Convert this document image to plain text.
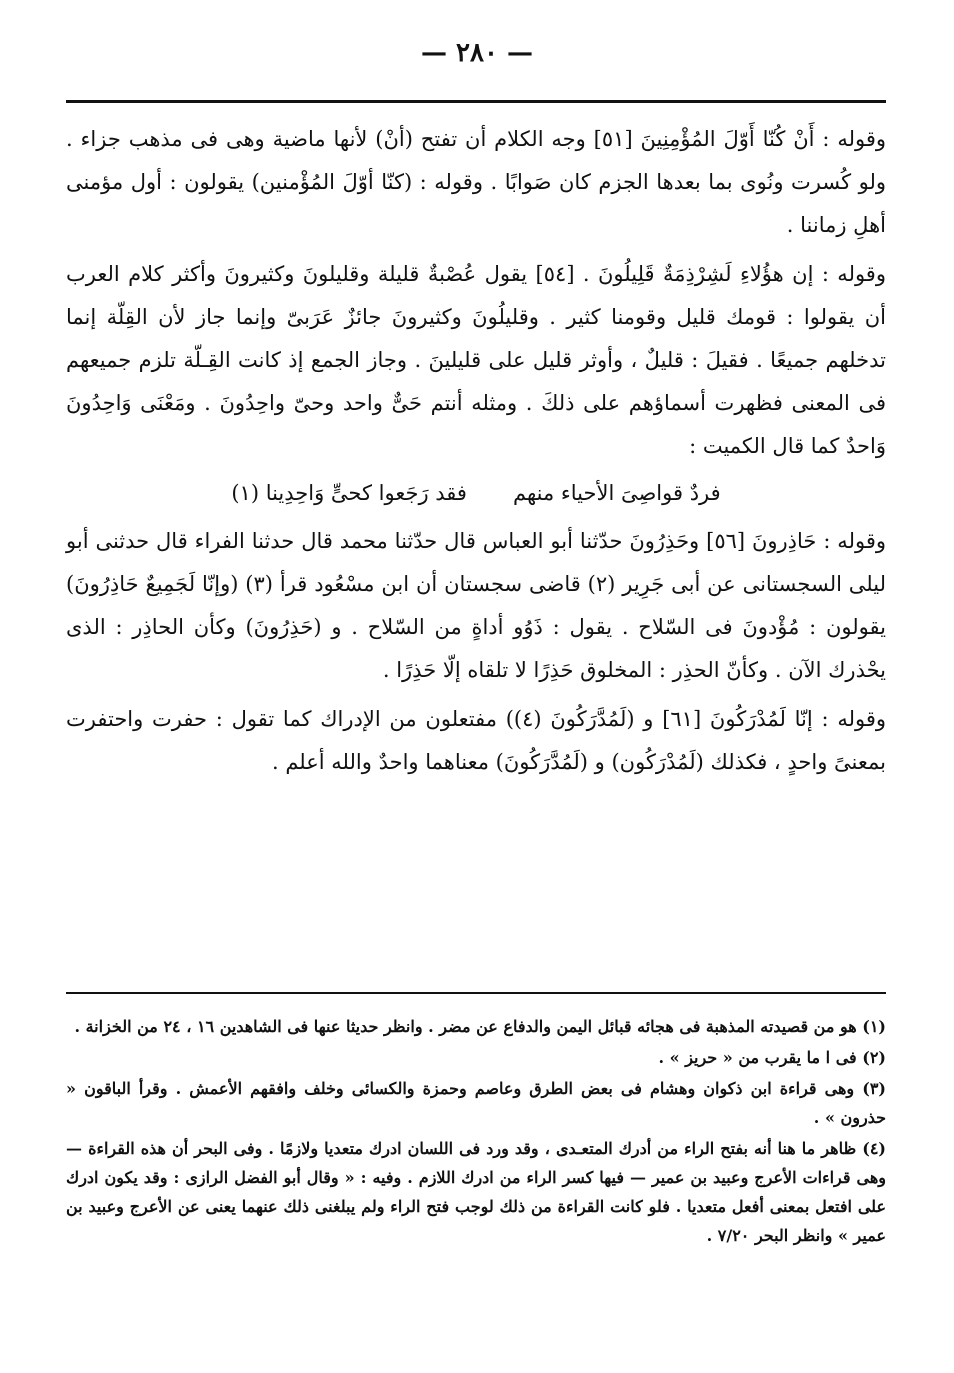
— ٢٨٠ —

وقوله : أَنْ كُنّا أَوّلَ المُؤْمِنِينَ [٥١] وجه الكلام أن تفتح (أنْ) لأنها ماضية وهى فى مذهب جزاء . ولو كُسرت ونُوى بما بعدها الجزم كان صَوابًا . وقوله : (كنّا أوّلَ المُؤْمنين) يقولون : أول مؤمنى أهلِ زماننا .

وقوله : إن هؤُلاءِ لَشِرْذِمَةٌ قَلِيلُونَ . [٥٤] يقول عُصْبةٌ قليلة وقليلونَ وكثيرونَ وأكثر كلام العرب أن يقولوا : قومك قليل وقومنا كثير . وقليلُونَ وكثيرونَ جائزٌ عَرَبىّ وإنما جاز لأن القِلّة إنما تدخلهم جميعًا . فقيلَ : قليلٌ ، وأوثر قليل على قليلينَ . وجاز الجمع إذ كانت القِـلّة تلزم جميعهم فى المعنى فظهرت أسماؤهم على ذلكَ . ومثله أنتم حَىٌّ واحد وحىّ واحِدُونَ . ومَعْنَى وَاحِدُونَ وَاحدٌ كما قال الكميت :

فردٌ قواصِىَ الأحياء منهم
فقد رَجَعوا كحىٍّ وَاحِدِينا (١)

وقوله : حَاذِرونَ [٥٦] وحَذِرُونَ حدّثنا أبو العباس قال حدّثنا محمد قال حدثنا الفراء قال حدثنى أبو ليلى السجستانى عن أبى جَرِير (٢) قاضى سجستان أن ابن مسْعُود قرأ (٣) (وإنّا لَجَمِيعٌ حَاذِرُونَ) يقولون : مُؤْدونَ فى السّلاح . يقول : ذَوُو أداةٍ من السّلاح . و (حَذِرُونَ) وكأن الحاذِر : الذى يحْذرك الآن . وكأنّ الحذِر : المخلوق حَذِرًا لا تلقاه إلّا حَذِرًا .

وقوله : إنّا لَمُدْرَكُونَ [٦١] و (لَمُدَّرَكُونَ (٤)) مفتعلون من الإدراك كما تقول : حفرت واحتفرت بمعنىً واحدٍ ، فكذلك (لَمُدْرَكُون) و (لَمُدَّرَكُونَ) معناهما واحدٌ والله أعلم .

(١) هو من قصيدته المذهبة فى هجائه قبائل اليمن والدفاع عن مضر . وانظر حديثا عنها فى الشاهدين ١٦ ، ٢٤ من الخزانة .

(٢) فى ا ما يقرب من « حريز » .

(٣) وهى قراءة ابن ذكوان وهشام فى بعض الطرق وعاصم وحمزة والكسائى وخلف وافقهم الأعمش . وقرأ الباقون « حذرون » .

(٤) ظاهر ما هنا أنه بفتح الراء من أدرك المتعـدى ، وقد ورد فى اللسان ادرك متعديا ولازمًا . وفى البحر أن هذه القراءة — وهى قراءات الأعرج وعبيد بن عمير — فيها كسر الراء من ادرك اللازم . وفيه : « وقال أبو الفضل الرازى : وقد يكون ادرك على افتعل بمعنى أفعل متعديا . فلو كانت القراءة من ذلك لوجب فتح الراء ولم يبلغنى ذلك عنهما يعنى عن الأعرج وعبيد بن عمير » وانظر البحر ٧/٢٠ .
